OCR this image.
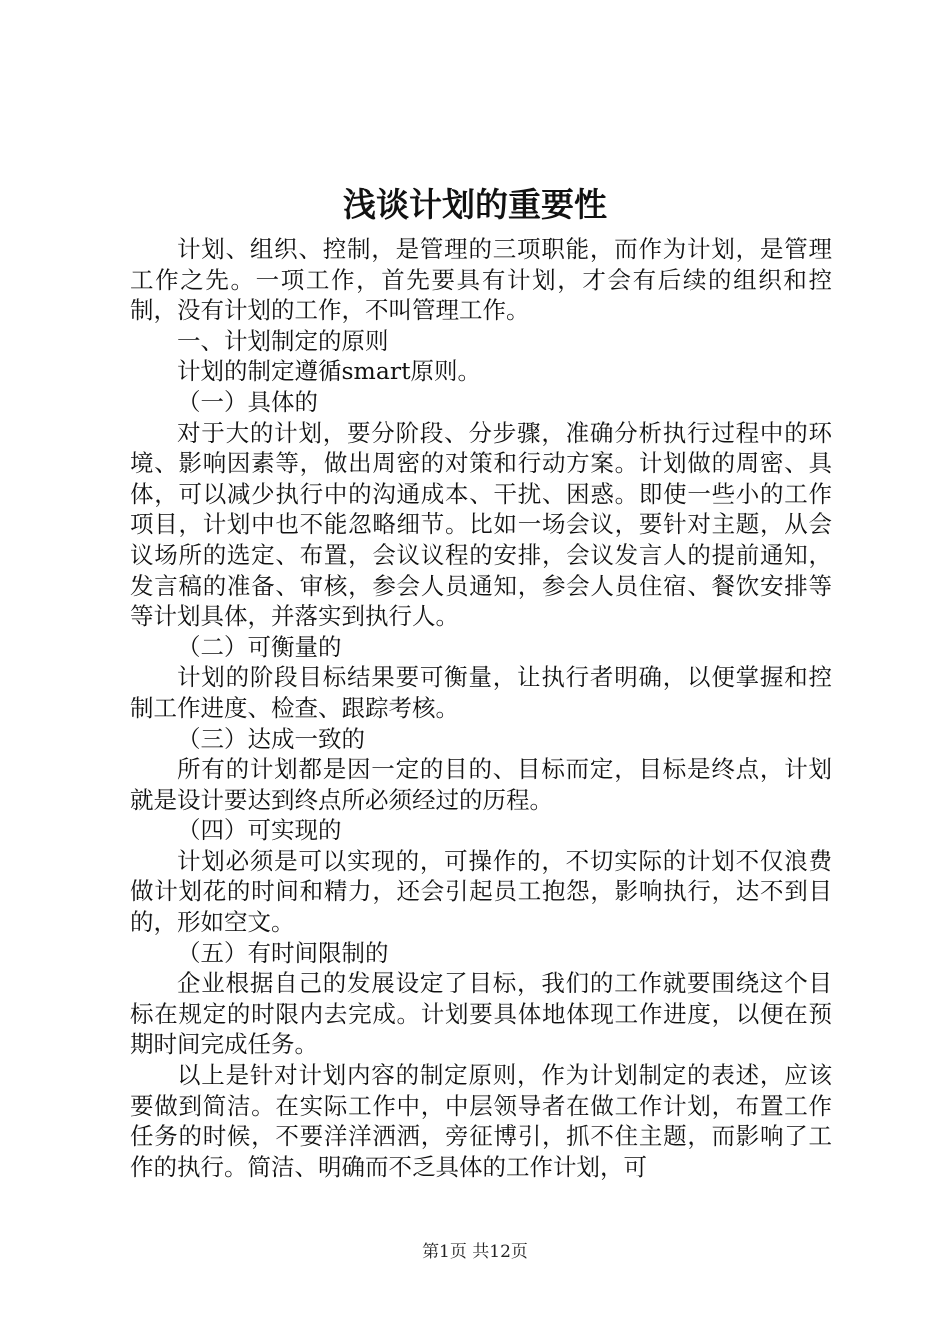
浅谈计划的重要性

计划、组织、控制，是管理的三项职能，而作为计划，是管理工作之先。一项工作，首先要具有计划，才会有后续的组织和控制，没有计划的工作，不叫管理工作。

一、计划制定的原则

计划的制定遵循smart原则。

（一）具体的

对于大的计划，要分阶段、分步骤，准确分析执行过程中的环境、影响因素等，做出周密的对策和行动方案。计划做的周密、具体，可以减少执行中的沟通成本、干扰、困惑。即使一些小的工作项目，计划中也不能忽略细节。比如一场会议，要针对主题，从会议场所的选定、布置，会议议程的安排，会议发言人的提前通知，发言稿的准备、审核，参会人员通知，参会人员住宿、餐饮安排等等计划具体，并落实到执行人。

（二）可衡量的

计划的阶段目标结果要可衡量，让执行者明确，以便掌握和控制工作进度、检查、跟踪考核。

（三）达成一致的

所有的计划都是因一定的目的、目标而定，目标是终点，计划就是设计要达到终点所必须经过的历程。

（四）可实现的

计划必须是可以实现的，可操作的，不切实际的计划不仅浪费做计划花的时间和精力，还会引起员工抱怨，影响执行，达不到目的，形如空文。

（五）有时间限制的

企业根据自己的发展设定了目标，我们的工作就要围绕这个目标在规定的时限内去完成。计划要具体地体现工作进度，以便在预期时间完成任务。

以上是针对计划内容的制定原则，作为计划制定的表述，应该要做到简洁。在实际工作中，中层领导者在做工作计划，布置工作任务的时候，不要洋洋洒洒，旁征博引，抓不住主题，而影响了工作的执行。简洁、明确而不乏具体的工作计划，可

第1页 共12页
